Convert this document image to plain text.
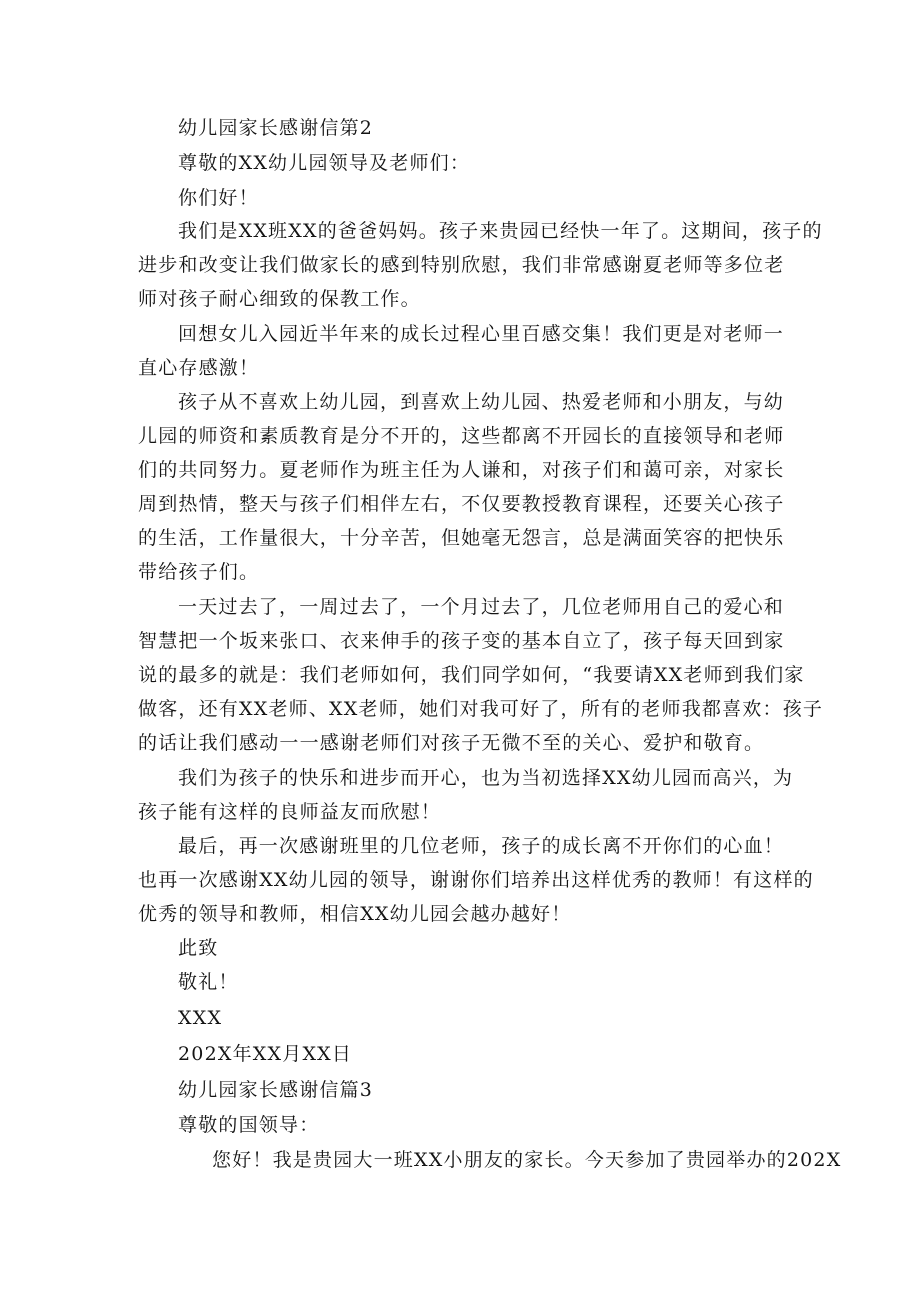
幼儿园家长感谢信第2
尊敬的XX幼儿园领导及老师们：
你们好！
我们是XX班XX的爸爸妈妈。孩子来贵园已经快一年了。这期间，孩子的
进步和改变让我们做家长的感到特别欣慰，我们非常感谢夏老师等多位老
师对孩子耐心细致的保教工作。
回想女儿入园近半年来的成长过程心里百感交集！我们更是对老师一
直心存感激！
孩子从不喜欢上幼儿园，到喜欢上幼儿园、热爱老师和小朋友，与幼
儿园的师资和素质教育是分不开的，这些都离不开园长的直接领导和老师
们的共同努力。夏老师作为班主任为人谦和，对孩子们和蔼可亲，对家长
周到热情，整天与孩子们相伴左右，不仅要教授教育课程，还要关心孩子
的生活，工作量很大，十分辛苦，但她毫无怨言，总是满面笑容的把快乐
带给孩子们。
一天过去了，一周过去了，一个月过去了，几位老师用自己的爱心和
智慧把一个坂来张口、衣来伸手的孩子变的基本自立了，孩子每天回到家
说的最多的就是：我们老师如何，我们同学如何，“我要请XX老师到我们家
做客，还有XX老师、XX老师，她们对我可好了，所有的老师我都喜欢：孩子
的话让我们感动一一感谢老师们对孩子无微不至的关心、爱护和敬育。
我们为孩子的快乐和进步而开心，也为当初选择XX幼儿园而高兴，为
孩子能有这样的良师益友而欣慰！
最后，再一次感谢班里的几位老师，孩子的成长离不开你们的心血！
也再一次感谢XX幼儿园的领导，谢谢你们培养出这样优秀的教师！有这样的
优秀的领导和教师，相信XX幼儿园会越办越好！
此致
敬礼！
XXX
202X年XX月XX日
幼儿园家长感谢信篇3
尊敬的国领导：
您好！我是贵园大一班XX小朋友的家长。今天参加了贵园举办的202X
